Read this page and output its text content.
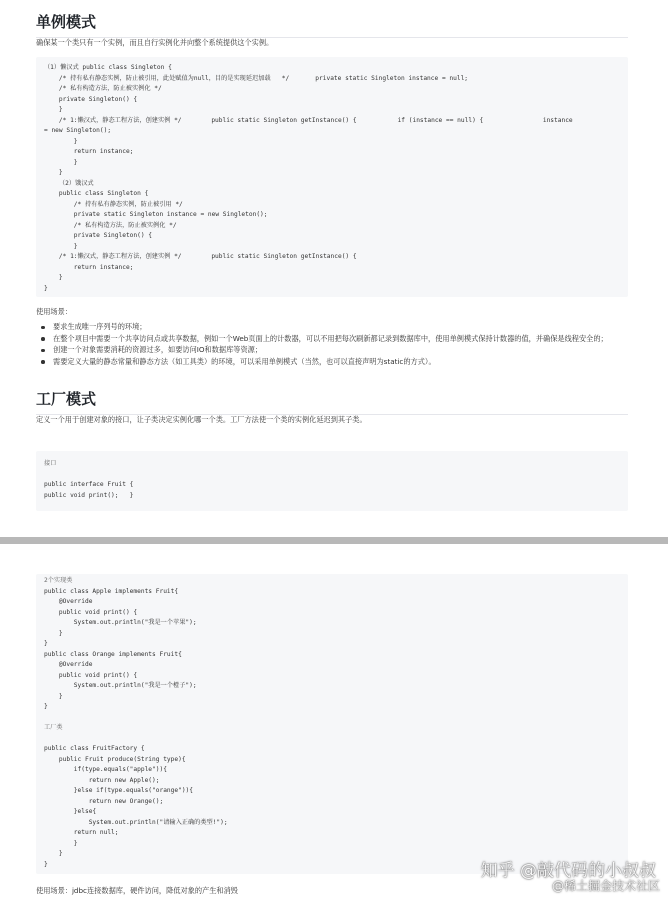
单例模式
确保某一个类只有一个实例，而且自行实例化并向整个系统提供这个实例。
（1）懒汉式 public class Singleton {
/* 持有私有静态实例，防止被引用，此处赋值为null，目的是实现延迟加载   */       private static Singleton instance = null;
/* 私有构造方法，防止被实例化 */
private Singleton() {
}
/* 1:懒汉式，静态工程方法，创建实例 */        public static Singleton getInstance() {           if (instance == null) {                instance
= new Singleton();
}
return instance;
}
}
（2）饿汉式
public class Singleton {
/* 持有私有静态实例，防止被引用 */
private static Singleton instance = new Singleton();
/* 私有构造方法，防止被实例化 */
private Singleton() {
}
/* 1:懒汉式，静态工程方法，创建实例 */        public static Singleton getInstance() {
return instance;
}
}
使用场景：
要求生成唯一序列号的环境；
在整个项目中需要一个共享访问点或共享数据，例如一个Web页面上的计数器，可以不用把每次刷新都记录到数据库中，使用单例模式保持计数器的值，并确保是线程安全的；
创建一个对象需要消耗的资源过多，如要访问IO和数据库等资源；
需要定义大量的静态常量和静态方法（如工具类）的环境，可以采用单例模式（当然，也可以直接声明为static的方式）。
工厂模式
定义一个用于创建对象的接口，让子类决定实例化哪一个类。工厂方法使一个类的实例化延迟到其子类。
接口
public interface Fruit {
public void print();   }
2个实现类
public class Apple implements Fruit{
@Override
public void print() {
System.out.println("我是一个苹果");
}
}
public class Orange implements Fruit{
@Override
public void print() {
System.out.println("我是一个橙子");
}
}
工厂类
public class FruitFactory {
public Fruit produce(String type){
if(type.equals("apple")){
return new Apple();
}else if(type.equals("orange")){
return new Orange();
}else{
System.out.println("请输入正确的类型!");
return null;
}
}
}
使用场景：jdbc连接数据库，硬件访问，降低对象的产生和消毁
知乎 @敲代码的小叔叔
@稀土掘金技术社区
